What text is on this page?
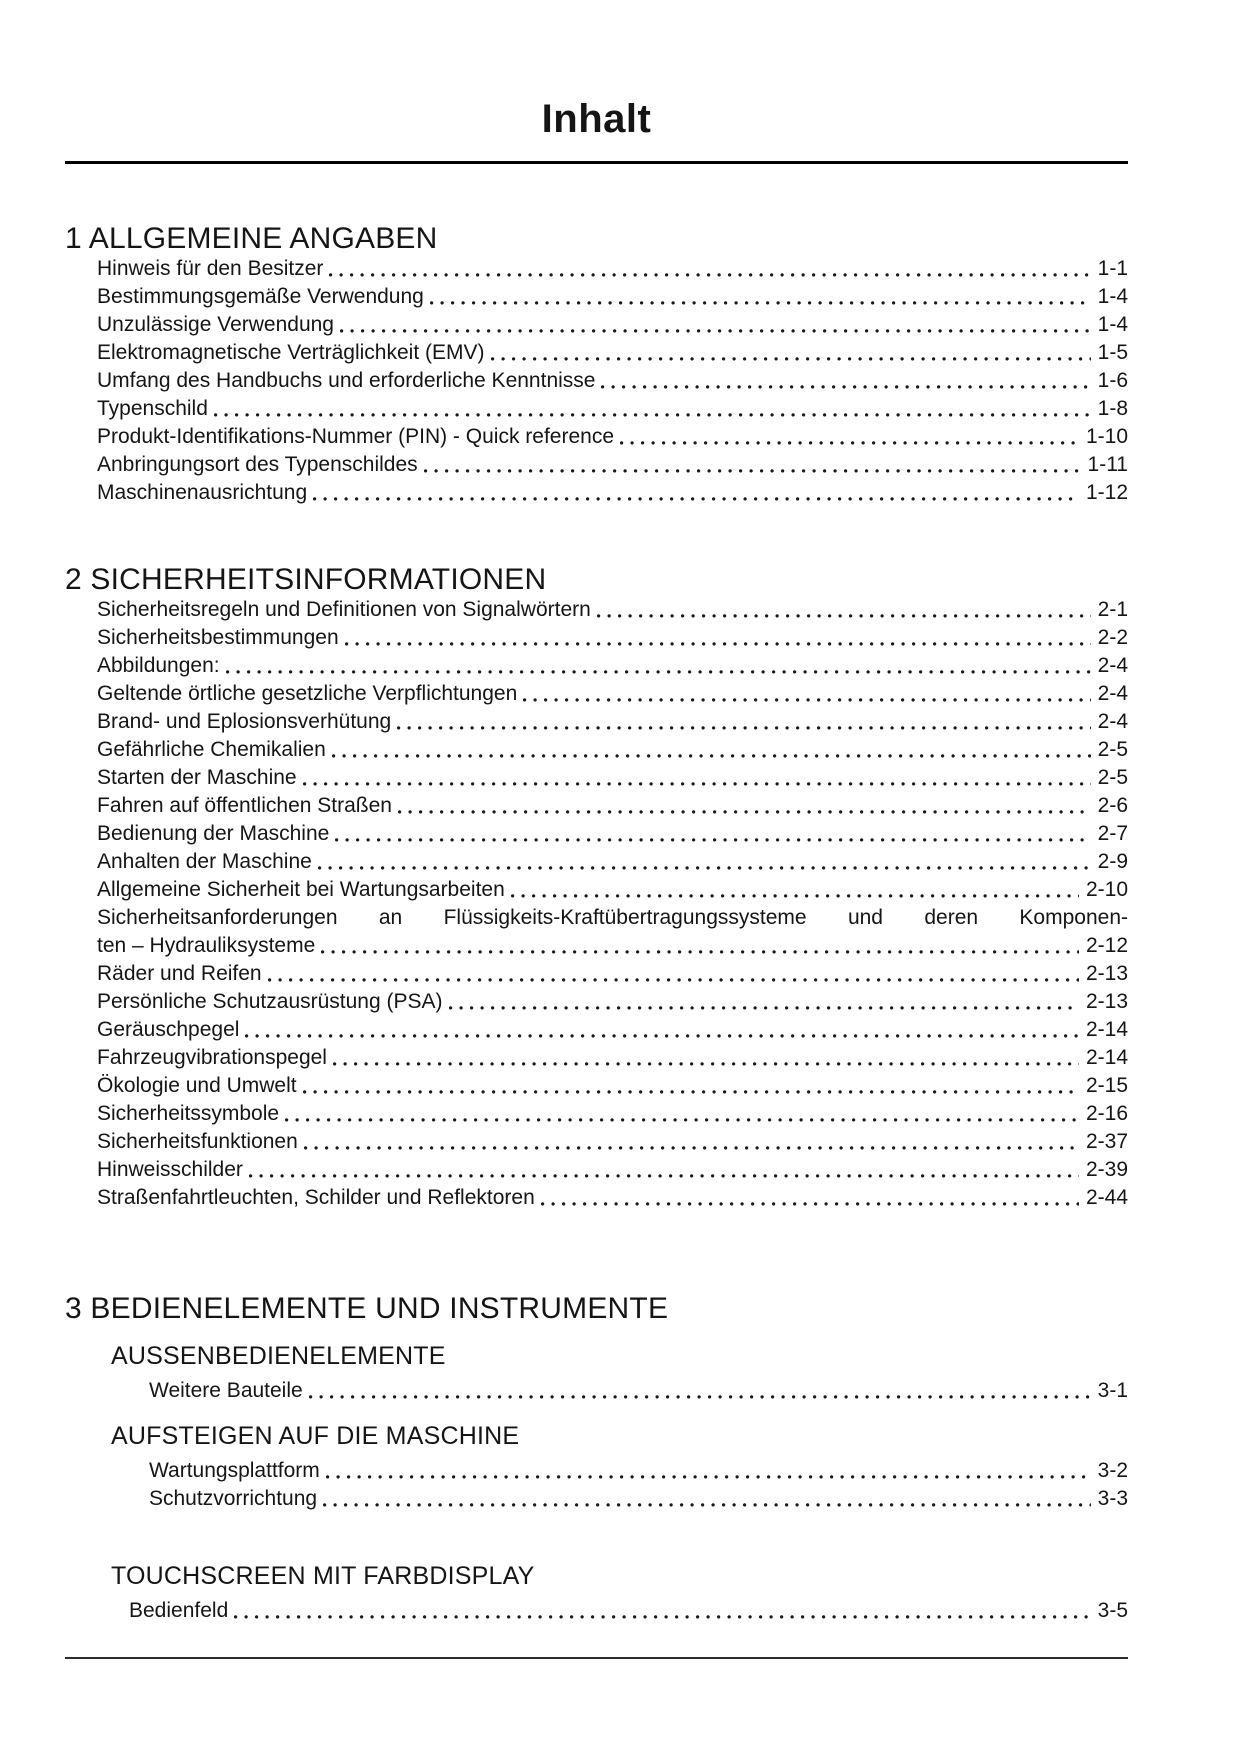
Inhalt
1 ALLGEMEINE ANGABEN
Hinweis für den Besitzer	1-1
Bestimmungsgemäße Verwendung	1-4
Unzulässige Verwendung	1-4
Elektromagnetische Verträglichkeit (EMV)	1-5
Umfang des Handbuchs und erforderliche Kenntnisse	1-6
Typenschild	1-8
Produkt-Identifikations-Nummer (PIN) - Quick reference	1-10
Anbringungsort des Typenschildes	1-11
Maschinenausrichtung	1-12
2 SICHERHEITSINFORMATIONEN
Sicherheitsregeln und Definitionen von Signalwörtern	2-1
Sicherheitsbestimmungen	2-2
Abbildungen:	2-4
Geltende örtliche gesetzliche Verpflichtungen	2-4
Brand- und Eplosionsverhütung	2-4
Gefährliche Chemikalien	2-5
Starten der Maschine	2-5
Fahren auf öffentlichen Straßen	2-6
Bedienung der Maschine	2-7
Anhalten der Maschine	2-9
Allgemeine Sicherheit bei Wartungsarbeiten	2-10
Sicherheitsanforderungen an Flüssigkeits-Kraftübertragungssysteme und deren Komponen-
ten – Hydrauliksysteme	2-12
Räder und Reifen	2-13
Persönliche Schutzausrüstung (PSA)	2-13
Geräuschpegel	2-14
Fahrzeugvibrationspegel	2-14
Ökologie und Umwelt	2-15
Sicherheitssymbole	2-16
Sicherheitsfunktionen	2-37
Hinweisschilder	2-39
Straßenfahrtleuchten, Schilder und Reflektoren	2-44
3 BEDIENELEMENTE UND INSTRUMENTE
AUSSENBEDIENELEMENTE
Weitere Bauteile	3-1
AUFSTEIGEN AUF DIE MASCHINE
Wartungsplattform	3-2
Schutzvorrichtung	3-3
TOUCHSCREEN MIT FARBDISPLAY
Bedienfeld	3-5
